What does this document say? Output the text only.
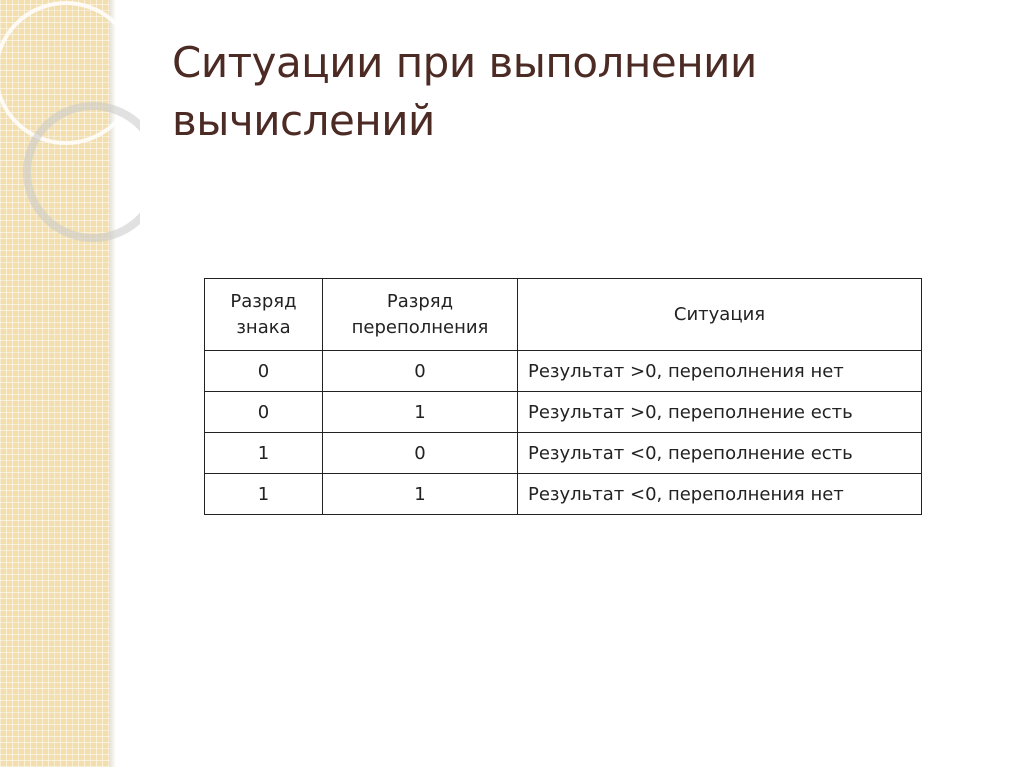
Ситуации при выполнении вычислений
Разряд знака	Разряд переполнения	Ситуация
0	0	Результат >0, переполнения нет
0	1	Результат >0, переполнение есть
1	0	Результат <0, переполнение есть
1	1	Результат <0, переполнения нет
